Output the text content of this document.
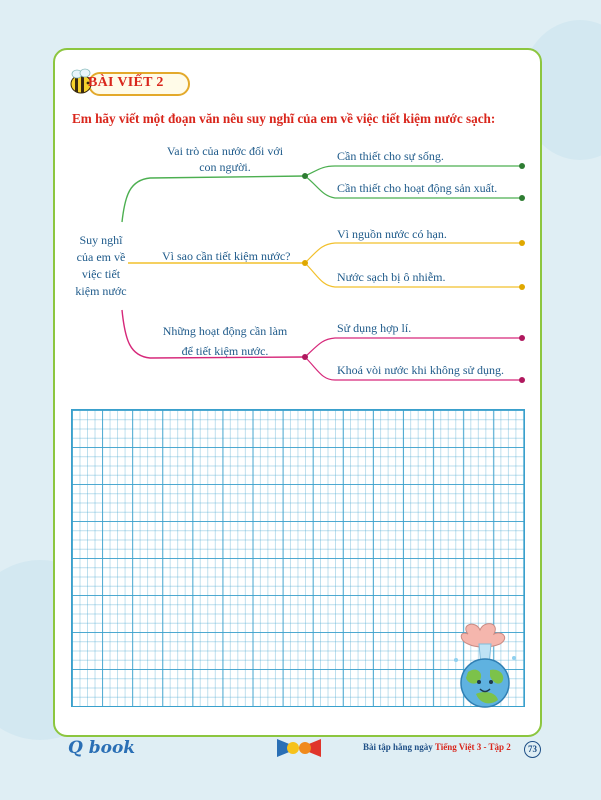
BÀI VIẾT 2
Em hãy viết một đoạn văn nêu suy nghĩ của em về việc tiết kiệm nước sạch:
Suy nghĩ
của em về
việc tiết
kiệm nước
Vai trò của nước đối với
con người.
Vì sao cần tiết kiệm nước?
Những hoạt động cần làm
để tiết kiệm nước.
Cần thiết cho sự sống.
Cần thiết cho hoạt động sản xuất.
Vì nguồn nước có hạn.
Nước sạch bị ô nhiễm.
Sử dụng hợp lí.
Khoá vòi nước khi không sử dụng.
Q book	Bài tập hằng ngày Tiếng Việt 3 - Tập 2	73
